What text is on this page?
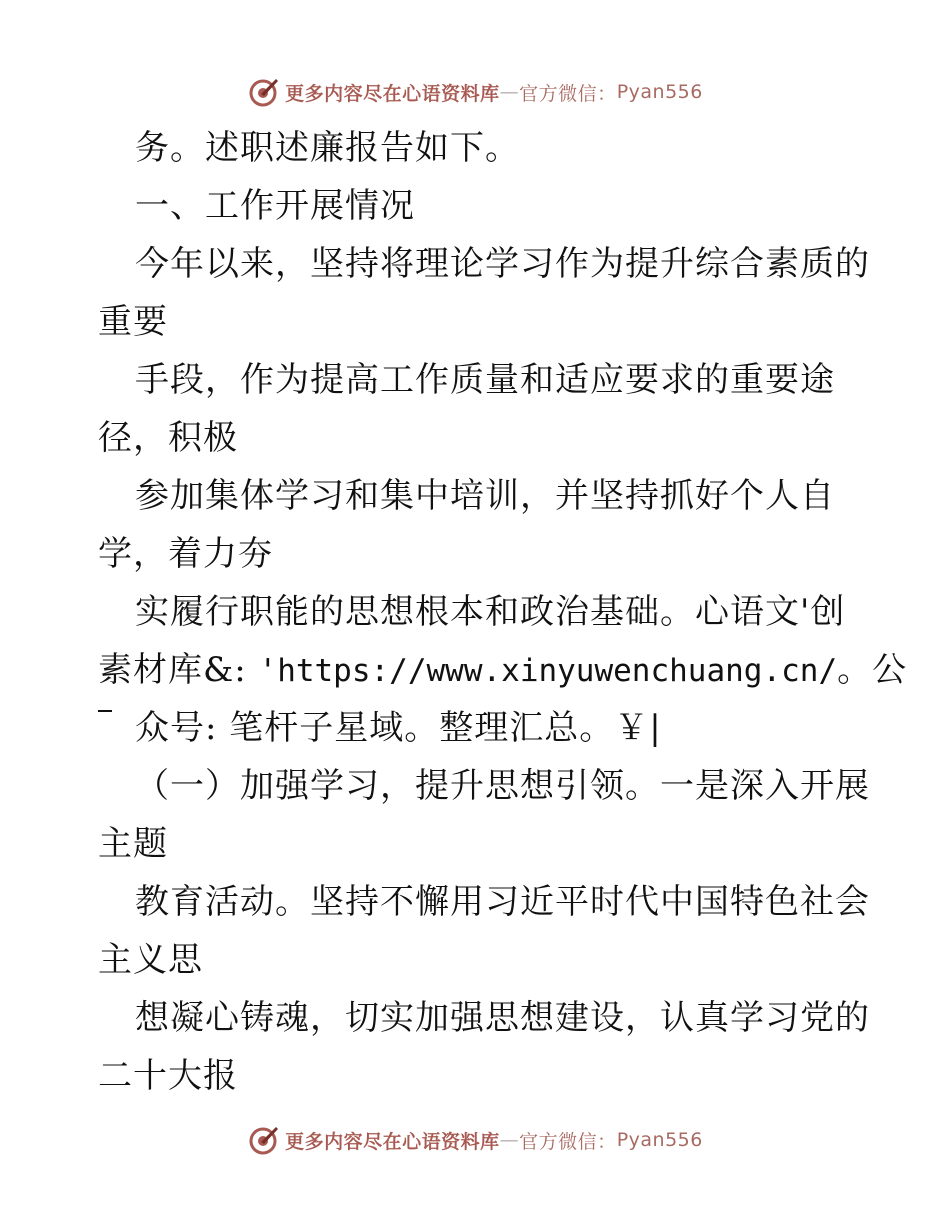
更多内容尽在心语资料库 — 官方微信： Pyan556
务。述职述廉报告如下。
一、工作开展情况
今年以来，坚持将理论学习作为提升综合素质的
重要
手段，作为提高工作质量和适应要求的重要途
径，积极
参加集体学习和集中培训，并坚持抓好个人自
学，着力夯
实履行职能的思想根本和政治基础。心语文'创
素材库&: 'https://www.xinyuwenchuang.cn/。公
众号: 笔杆子星域。整理汇总。￥|
（一）加强学习，提升思想引领。一是深入开展
主题
教育活动。坚持不懈用习近平时代中国特色社会
主义思
想凝心铸魂，切实加强思想建设，认真学习党的
二十大报
更多内容尽在心语资料库 — 官方微信： Pyan556
